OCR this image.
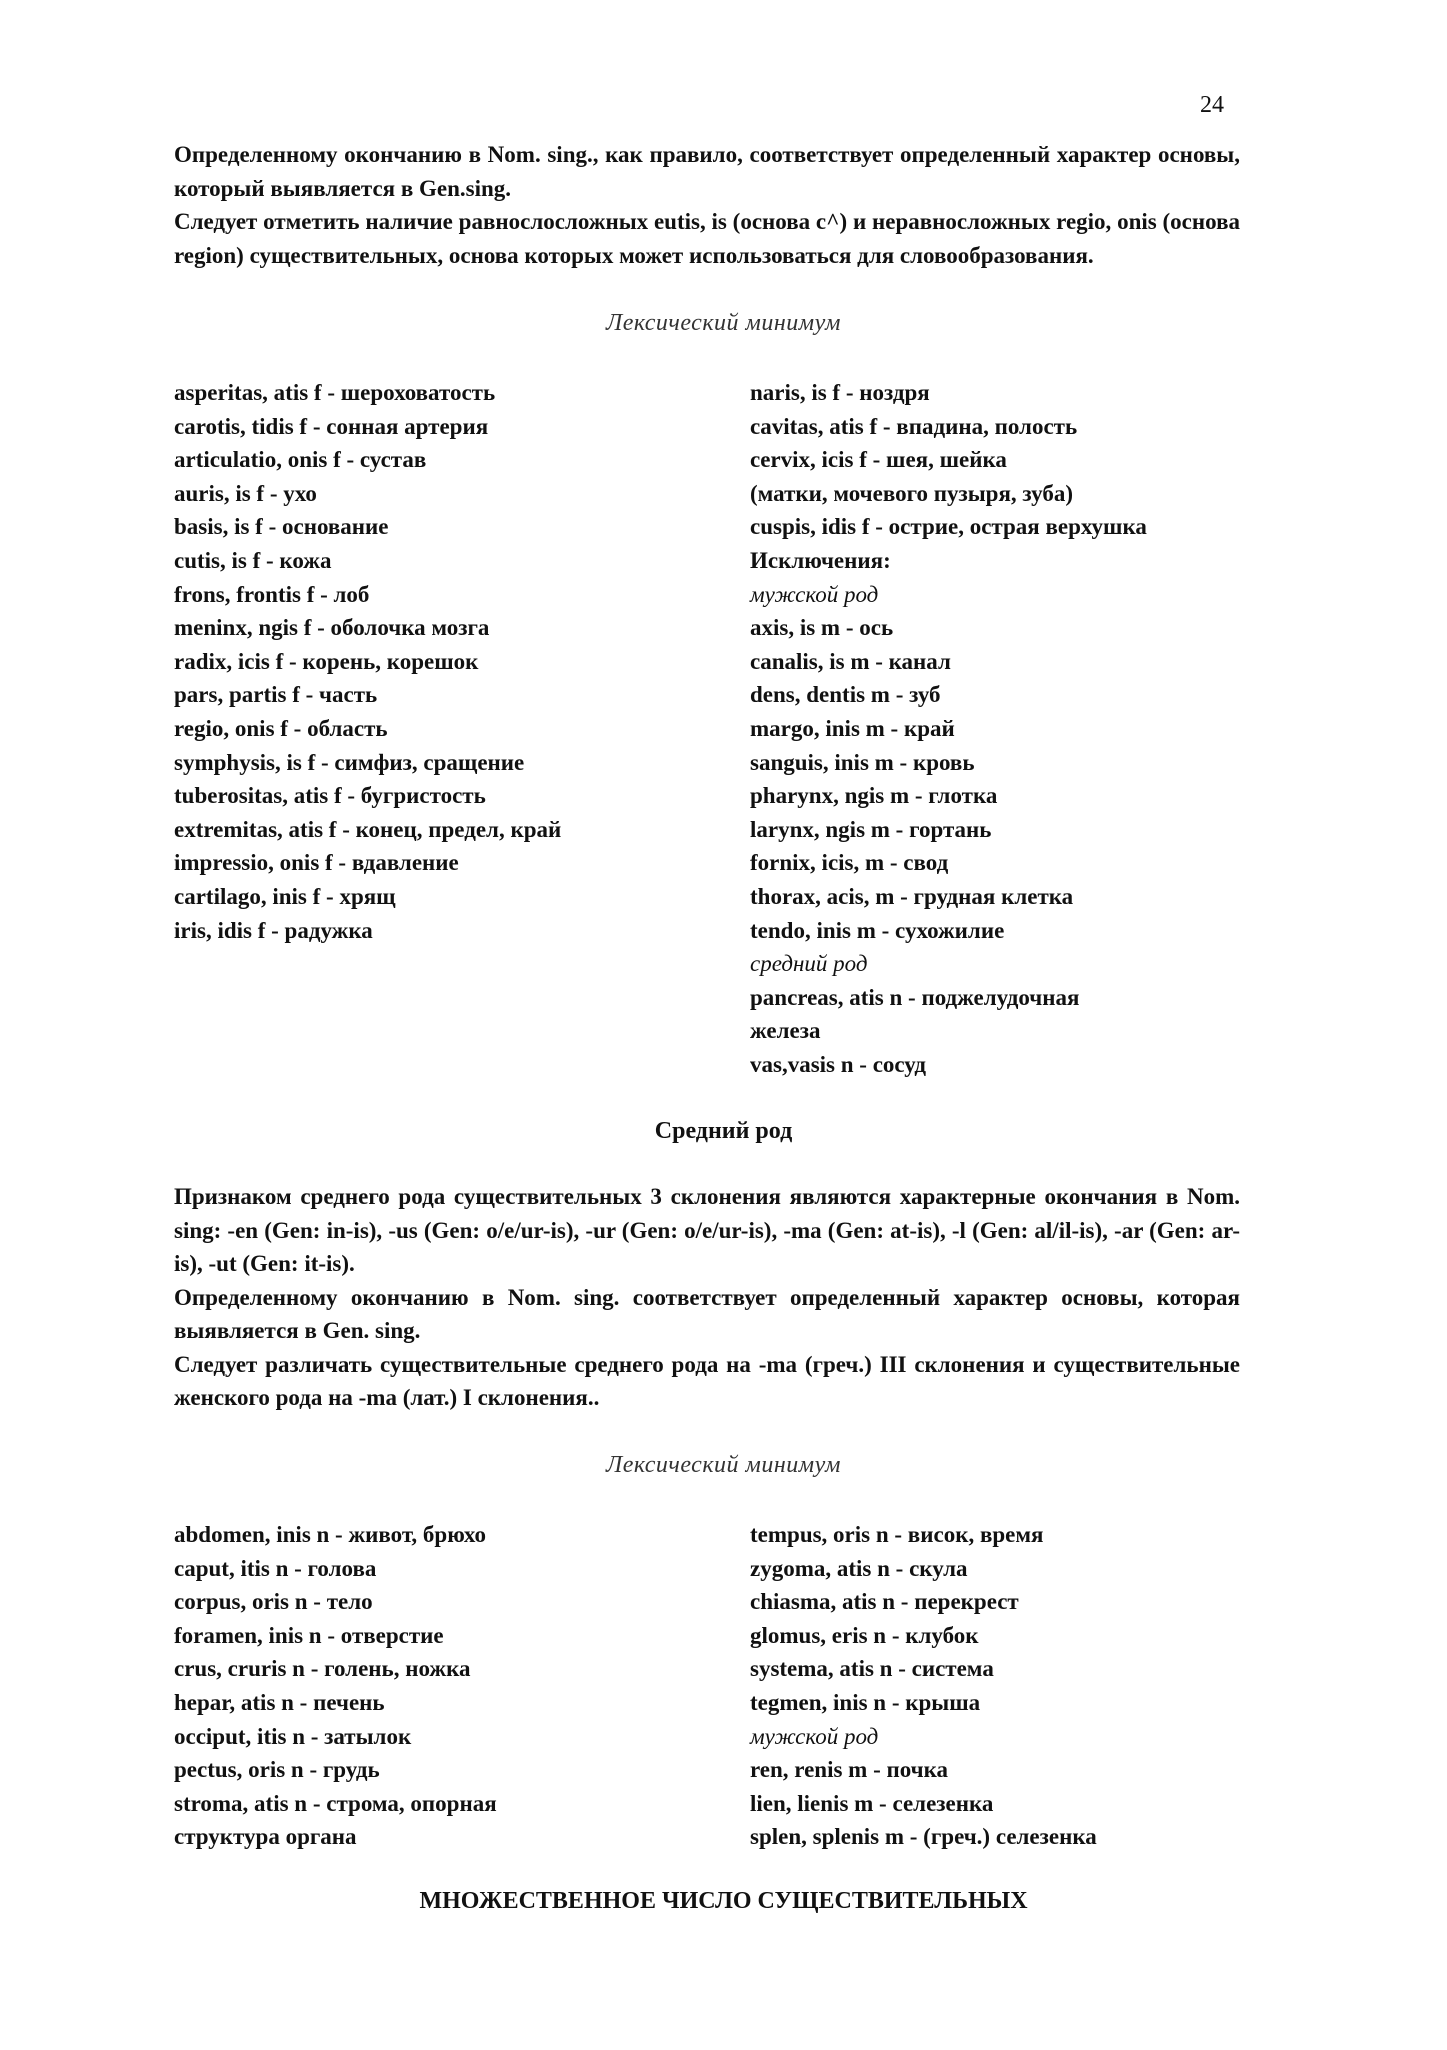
24

Определенному окончанию в Nom. sing., как правило, соответствует определенный характер основы, который выявляется в Gen.sing.

Следует отметить наличие равнослосложных eutis, is (основа c^) и неравносложных regio, onis (основа region) существительных, основа которых может использоваться для словообразования.

Лексический минимум
asperitas, atis f - шероховатость
carotis, tidis f - сонная артерия
articulatio, onis f - сустав
auris, is f - ухо
basis, is f - основание
cutis, is f - кожа
frons, frontis f - лоб
meninx, ngis f - оболочка мозга
radix, icis f - корень, корешок
pars, partis f - часть
regio, onis f - область
symphysis, is f - симфиз, сращение
tuberositas, atis f - бугристость
extremitas, atis f - конец, предел, край
impressio, onis f - вдавление
cartilago, inis f - хрящ
iris, idis f - радужка
naris, is f - ноздря
cavitas, atis f - впадина, полость
cervix, icis f - шея, шейка
(матки, мочевого пузыря, зуба)
cuspis, idis f - острие, острая верхушка
Исключения:
мужской род
axis, is m - ось
canalis, is m - канал
dens, dentis m - зуб
margo, inis m - край
sanguis, inis m - кровь
pharynx, ngis m - глотка
larynx, ngis m - гортань
fornix, icis, m - свод
thorax, acis, m - грудная клетка
tendo, inis m - сухожилие
средний род
pancreas, atis n - поджелудочная
железа
vas,vasis n - сосуд
Средний род

Признаком среднего рода существительных 3 склонения являются характерные окончания в Nom. sing: -en (Gen: in-is), -us (Gen: o/e/ur-is), -ur (Gen: o/e/ur-is), -ma (Gen: at-is), -l (Gen: al/il-is), -ar (Gen: ar-is), -ut (Gen: it-is).

Определенному окончанию в Nom. sing. соответствует определенный характер основы, которая выявляется в Gen. sing.

Следует различать существительные среднего рода на -ma (греч.) III склонения и существительные женского рода на -ma (лат.) I склонения..

Лексический минимум
abdomen, inis n - живот, брюхо
caput, itis n - голова
corpus, oris n - тело
foramen, inis n - отверстие
crus, cruris n - голень, ножка
hepar, atis n - печень
occiput, itis n - затылок
pectus, oris n - грудь
stroma, atis n - строма, опорная
структура органа
tempus, oris n - висок, время
zygoma, atis n - скула
chiasma, atis n - перекрест
glomus, eris n - клубок
systema, atis n - система
tegmen, inis n - крыша
мужской род
ren, renis m - почка
lien, lienis m - селезенка
splen, splenis m - (греч.) селезенка
МНОЖЕСТВЕННОЕ ЧИСЛО СУЩЕСТВИТЕЛЬНЫХ
